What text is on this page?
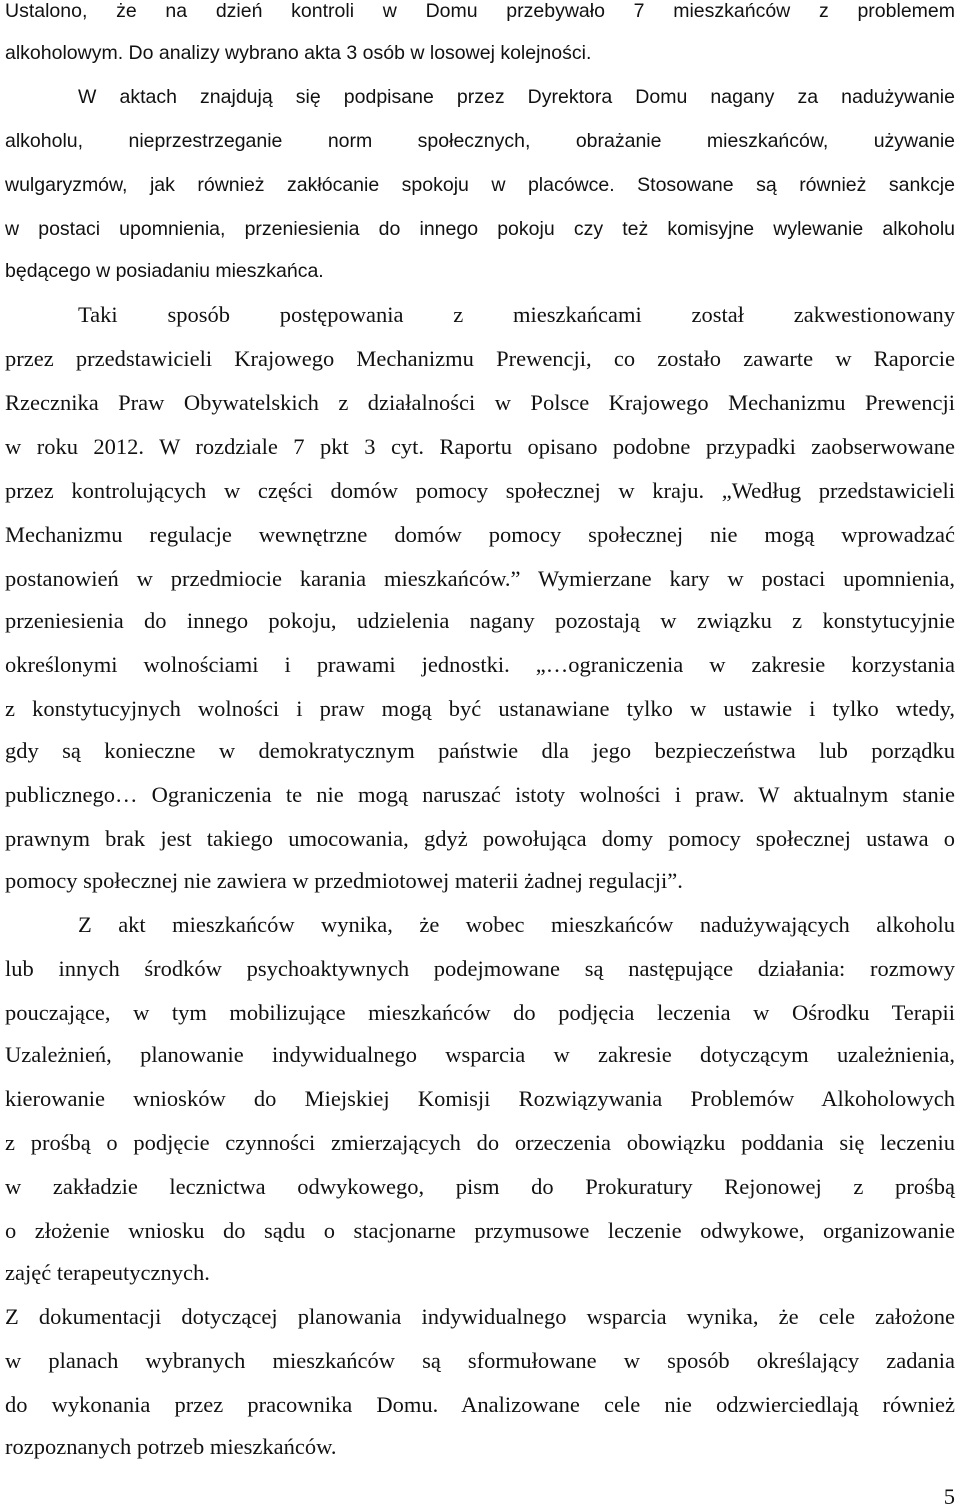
Ustalono, że na dzień kontroli w Domu przebywało 7 mieszkańców z problemem
alkoholowym. Do analizy wybrano akta 3 osób w losowej kolejności.
W aktach znajdują się podpisane przez Dyrektora Domu nagany za nadużywanie
alkoholu, nieprzestrzeganie norm społecznych, obrażanie mieszkańców, używanie
wulgaryzmów, jak również zakłócanie spokoju w placówce. Stosowane są również sankcje
w postaci upomnienia, przeniesienia do innego pokoju czy też komisyjne wylewanie alkoholu
będącego w posiadaniu mieszkańca.
Taki sposób postępowania z mieszkańcami został zakwestionowany
przez przedstawicieli Krajowego Mechanizmu Prewencji, co zostało zawarte w Raporcie
Rzecznika Praw Obywatelskich z działalności w Polsce Krajowego Mechanizmu Prewencji
w roku 2012. W rozdziale 7 pkt 3 cyt. Raportu opisano podobne przypadki zaobserwowane
przez kontrolujących w części domów pomocy społecznej w kraju. „Według przedstawicieli
Mechanizmu regulacje wewnętrzne domów pomocy społecznej nie mogą wprowadzać
postanowień w przedmiocie karania mieszkańców.” Wymierzane kary w postaci upomnienia,
przeniesienia do innego pokoju, udzielenia nagany pozostają w związku z konstytucyjnie
określonymi wolnościami i prawami jednostki. „…ograniczenia w zakresie korzystania
z konstytucyjnych wolności i praw mogą być ustanawiane tylko w ustawie i tylko wtedy,
gdy są konieczne w demokratycznym państwie dla jego bezpieczeństwa lub porządku
publicznego… Ograniczenia te nie mogą naruszać istoty wolności i praw. W aktualnym stanie
prawnym brak jest takiego umocowania, gdyż powołująca domy pomocy społecznej ustawa o
pomocy społecznej nie zawiera w przedmiotowej materii żadnej regulacji”.
Z akt mieszkańców wynika, że wobec mieszkańców nadużywających alkoholu
lub innych środków psychoaktywnych podejmowane są następujące działania: rozmowy
pouczające, w tym mobilizujące mieszkańców do podjęcia leczenia w Ośrodku Terapii
Uzależnień, planowanie indywidualnego wsparcia w zakresie dotyczącym uzależnienia,
kierowanie wniosków do Miejskiej Komisji Rozwiązywania Problemów Alkoholowych
z prośbą o podjęcie czynności zmierzających do orzeczenia obowiązku poddania się leczeniu
w zakładzie lecznictwa odwykowego, pism do Prokuratury Rejonowej z prośbą
o złożenie wniosku do sądu o stacjonarne przymusowe leczenie odwykowe, organizowanie
zajęć terapeutycznych.
Z dokumentacji dotyczącej planowania indywidualnego wsparcia wynika, że cele założone
w planach wybranych mieszkańców są sformułowane w sposób określający zadania
do wykonania przez pracownika Domu. Analizowane cele nie odzwierciedlają również
rozpoznanych potrzeb mieszkańców.
5
